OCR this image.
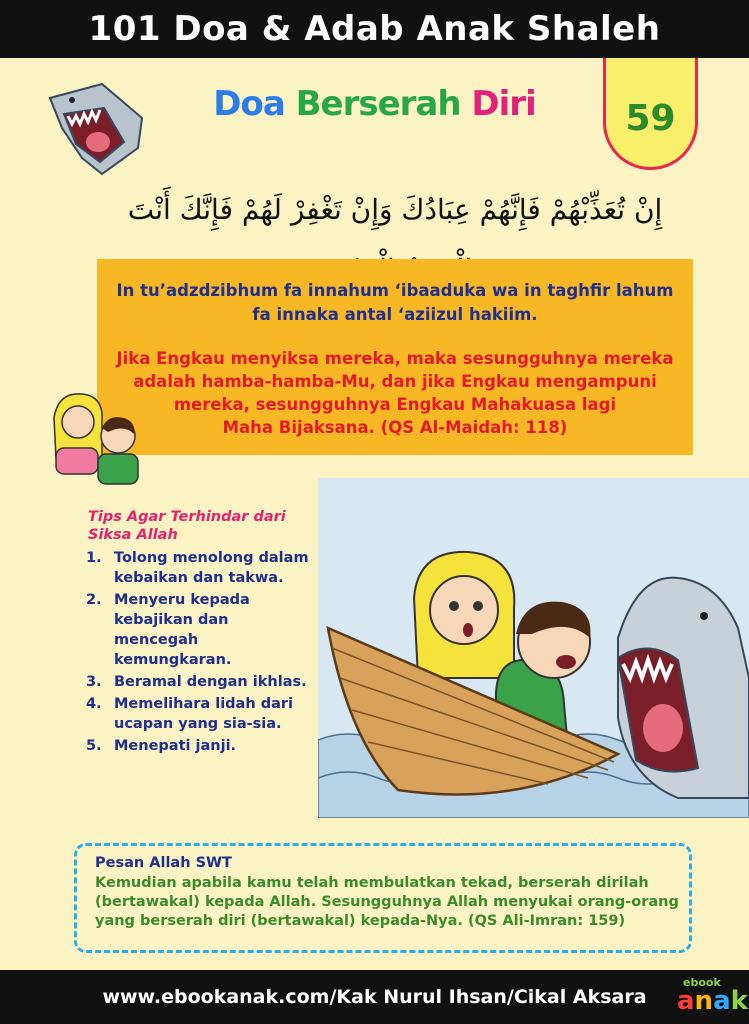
101 Doa & Adab Anak Shaleh
Doa Berserah Diri	59
إِنْ تُعَذِّبْهُمْ فَإِنَّهُمْ عِبَادُكَ وَإِنْ تَغْفِرْ لَهُمْ فَإِنَّكَ أَنْتَ
In tu’adzdzibhum fa innahum ‘ibaaduka wa in taghfir lahum
fa innaka antal ‘aziizul hakiim.
Jika Engkau menyiksa mereka, maka sesungguhnya mereka
adalah hamba-hamba-Mu, dan jika Engkau mengampuni
mereka, sesungguhnya Engkau Mahakuasa lagi
Maha Bijaksana. (QS Al-Maidah: 118)
Tips Agar Terhindar dari
Siksa Allah
1. Tolong menolong dalam kebaikan dan takwa.
2. Menyeru kepada kebajikan dan mencegah kemungkaran.
3. Beramal dengan ikhlas.
4. Memelihara lidah dari ucapan yang sia-sia.
5. Menepati janji.
Pesan Allah SWT
Kemudian apabila kamu telah membulatkan tekad, berserah dirilah (bertawakal) kepada Allah. Sesungguhnya Allah menyukai orang-orang yang berserah diri (bertawakal) kepada-Nya. (QS Ali-Imran: 159)
www.ebookanak.com/Kak Nurul Ihsan/Cikal Aksara
ebook
anak
